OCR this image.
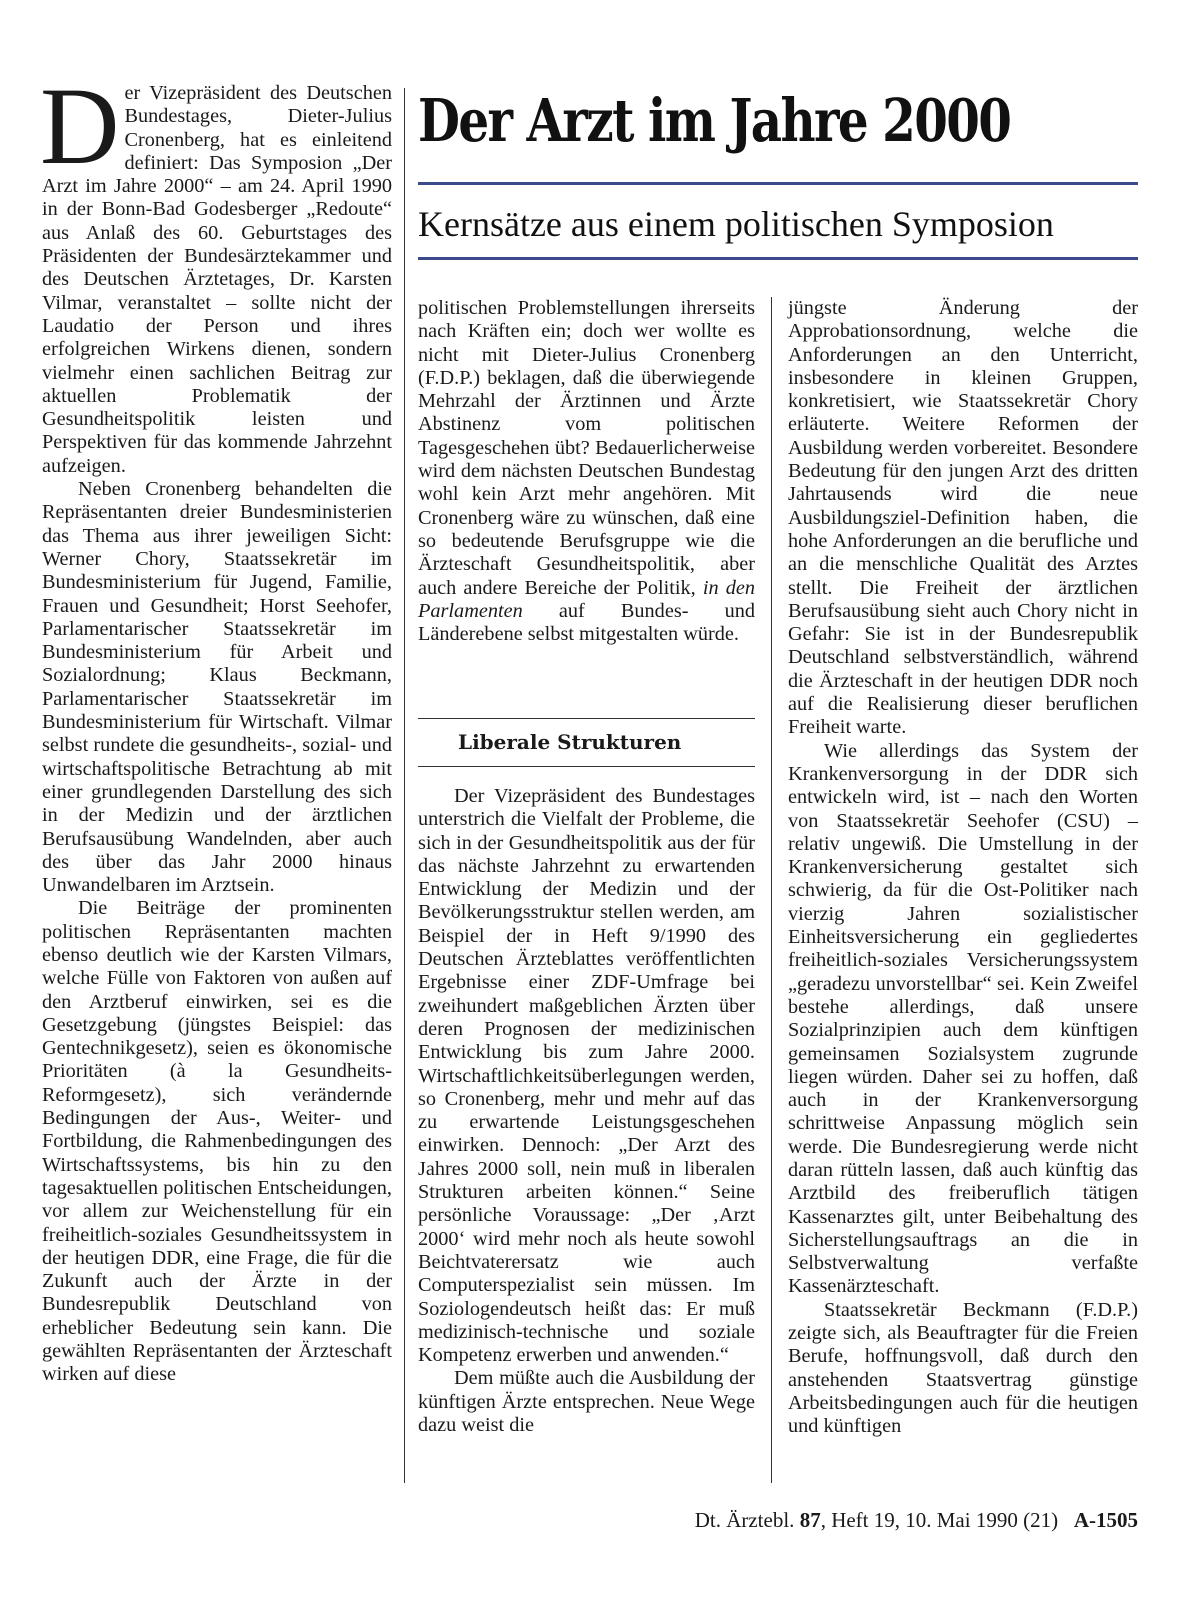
Der Vizepräsident des Deutschen Bundestages, Dieter-Julius Cronenberg, hat es einleitend definiert: Das Symposion „Der Arzt im Jahre 2000“ – am 24. April 1990 in der Bonn-Bad Godesberger „Redoute“ aus Anlaß des 60. Geburtstages des Präsidenten der Bundesärztekammer und des Deutschen Ärztetages, Dr. Karsten Vilmar, veranstaltet – sollte nicht der Laudatio der Person und ihres erfolgreichen Wirkens dienen, sondern vielmehr einen sachlichen Beitrag zur aktuellen Problematik der Gesundheitspolitik leisten und Perspektiven für das kommende Jahrzehnt aufzeigen.

Neben Cronenberg behandelten die Repräsentanten dreier Bundesministerien das Thema aus ihrer jeweiligen Sicht: Werner Chory, Staatssekretär im Bundesministerium für Jugend, Familie, Frauen und Gesundheit; Horst Seehofer, Parlamentarischer Staatssekretär im Bundesministerium für Arbeit und Sozialordnung; Klaus Beckmann, Parlamentarischer Staatssekretär im Bundesministerium für Wirtschaft. Vilmar selbst rundete die gesundheits-, sozial- und wirtschaftspolitische Betrachtung ab mit einer grundlegenden Darstellung des sich in der Medizin und der ärztlichen Berufsausübung Wandelnden, aber auch des über das Jahr 2000 hinaus Unwandelbaren im Arztsein.

Die Beiträge der prominenten politischen Repräsentanten machten ebenso deutlich wie der Karsten Vilmars, welche Fülle von Faktoren von außen auf den Arztberuf einwirken, sei es die Gesetzgebung (jüngstes Beispiel: das Gentechnikgesetz), seien es ökonomische Prioritäten (à la Gesundheits-Reformgesetz), sich verändernde Bedingungen der Aus-, Weiter- und Fortbildung, die Rahmenbedingungen des Wirtschaftssystems, bis hin zu den tagesaktuellen politischen Entscheidungen, vor allem zur Weichenstellung für ein freiheitlich-soziales Gesundheitssystem in der heutigen DDR, eine Frage, die für die Zukunft auch der Ärzte in der Bundesrepublik Deutschland von erheblicher Bedeutung sein kann. Die gewählten Repräsentanten der Ärzteschaft wirken auf diese

Der Arzt im Jahre 2000
Kernsätze aus einem politischen Symposion

politischen Problemstellungen ihrerseits nach Kräften ein; doch wer wollte es nicht mit Dieter-Julius Cronenberg (F.D.P.) beklagen, daß die überwiegende Mehrzahl der Ärztinnen und Ärzte Abstinenz vom politischen Tagesgeschehen übt? Bedauerlicherweise wird dem nächsten Deutschen Bundestag wohl kein Arzt mehr angehören. Mit Cronenberg wäre zu wünschen, daß eine so bedeutende Berufsgruppe wie die Ärzteschaft Gesundheitspolitik, aber auch andere Bereiche der Politik, in den Parlamenten auf Bundes- und Länderebene selbst mitgestalten würde.

Liberale Strukturen

Der Vizepräsident des Bundestages unterstrich die Vielfalt der Probleme, die sich in der Gesundheitspolitik aus der für das nächste Jahrzehnt zu erwartenden Entwicklung der Medizin und der Bevölkerungsstruktur stellen werden, am Beispiel der in Heft 9/1990 des Deutschen Ärzteblattes veröffentlichten Ergebnisse einer ZDF-Umfrage bei zweihundert maßgeblichen Ärzten über deren Prognosen der medizinischen Entwicklung bis zum Jahre 2000. Wirtschaftlichkeitsüberlegungen werden, so Cronenberg, mehr und mehr auf das zu erwartende Leistungsgeschehen einwirken. Dennoch: „Der Arzt des Jahres 2000 soll, nein muß in liberalen Strukturen arbeiten können.“ Seine persönliche Voraussage: „Der ‚Arzt 2000‘ wird mehr noch als heute sowohl Beichtvaterersatz wie auch Computerspezialist sein müssen. Im Soziologendeutsch heißt das: Er muß medizinisch-technische und soziale Kompetenz erwerben und anwenden.“

Dem müßte auch die Ausbildung der künftigen Ärzte entsprechen. Neue Wege dazu weist die

jüngste Änderung der Approbationsordnung, welche die Anforderungen an den Unterricht, insbesondere in kleinen Gruppen, konkretisiert, wie Staatssekretär Chory erläuterte. Weitere Reformen der Ausbildung werden vorbereitet. Besondere Bedeutung für den jungen Arzt des dritten Jahrtausends wird die neue Ausbildungsziel-Definition haben, die hohe Anforderungen an die berufliche und an die menschliche Qualität des Arztes stellt. Die Freiheit der ärztlichen Berufsausübung sieht auch Chory nicht in Gefahr: Sie ist in der Bundesrepublik Deutschland selbstverständlich, während die Ärzteschaft in der heutigen DDR noch auf die Realisierung dieser beruflichen Freiheit warte.

Wie allerdings das System der Krankenversorgung in der DDR sich entwickeln wird, ist – nach den Worten von Staatssekretär Seehofer (CSU) – relativ ungewiß. Die Umstellung in der Krankenversicherung gestaltet sich schwierig, da für die Ost-Politiker nach vierzig Jahren sozialistischer Einheitsversicherung ein gegliedertes freiheitlich-soziales Versicherungssystem „geradezu unvorstellbar“ sei. Kein Zweifel bestehe allerdings, daß unsere Sozialprinzipien auch dem künftigen gemeinsamen Sozialsystem zugrunde liegen würden. Daher sei zu hoffen, daß auch in der Krankenversorgung schrittweise Anpassung möglich sein werde. Die Bundesregierung werde nicht daran rütteln lassen, daß auch künftig das Arztbild des freiberuflich tätigen Kassenarztes gilt, unter Beibehaltung des Sicherstellungsauftrags an die in Selbstverwaltung verfaßte Kassenärzteschaft.

Staatssekretär Beckmann (F.D.P.) zeigte sich, als Beauftragter für die Freien Berufe, hoffnungsvoll, daß durch den anstehenden Staatsvertrag günstige Arbeitsbedingungen auch für die heutigen und künftigen

Dt. Ärztebl. 87, Heft 19, 10. Mai 1990 (21) A-1505
